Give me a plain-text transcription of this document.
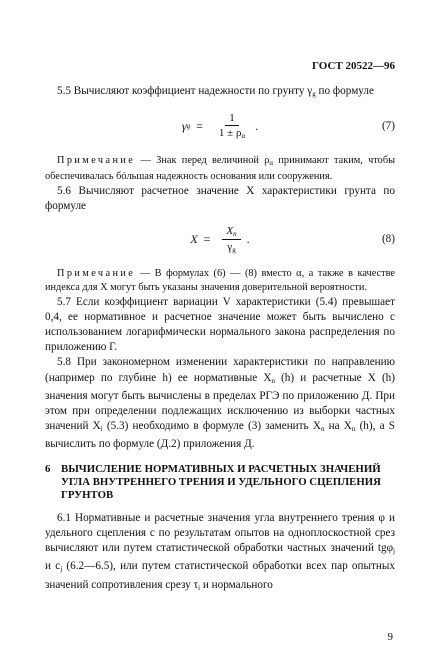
ГОСТ 20522—96

5.5 Вычисляют коэффициент надежности по грунту $\gamma_g$ по формуле

γ $g = \frac{1}{1 \pm \rho_\alpha}$ .	(7)

Примечание — Знак перед величиной $\rho_\alpha$ принимают таким, чтобы обеспечивалась бóльшая надежность основания или сооружения.

5.6 Вычисляют расчетное значение X характеристики грунта по формуле

$X = \frac{X_n}{\gamma_g}$ .	(8)

Примечание — В формулах (6) — (8) вместо α, а также в качестве индекса для X могут быть указаны значения доверительной вероятности.

5.7 Если коэффициент вариации V характеристики (5.4) превышает 0,4, ее нормативное и расчетное значение может быть вычислено с использованием логарифмически нормального закона распределения по приложению Г.

5.8 При закономерном изменении характеристики по направлению (например по глубине h) ее нормативные $X_n$ (h) и расчетные X (h) значения могут быть вычислены в пределах РГЭ по приложению Д. При этом при определении подлежащих исключению из выборки частных значений $X_i$ (5.3) необходимо в формуле (3) заменить $X_n$ на $X_n$ (h), а S вычислить по формуле (Д.2) приложения Д.

6 ВЫЧИСЛЕНИЕ НОРМАТИВНЫХ И РАСЧЕТНЫХ ЗНАЧЕНИЙ
УГЛА ВНУТРЕННЕГО ТРЕНИЯ И УДЕЛЬНОГО СЦЕПЛЕНИЯ
ГРУНТОВ

6.1 Нормативные и расчетные значения угла внутреннего трения φ и удельного сцепления c по результатам опытов на одноплоскостной срез вычисляют или путем статистической обработки частных значений tgφ$_j$ и $c_j$ (6.2—6.5), или путем статистической обработки всех пар опытных значений сопротивления срезу $\tau_i$ и нормального

9
